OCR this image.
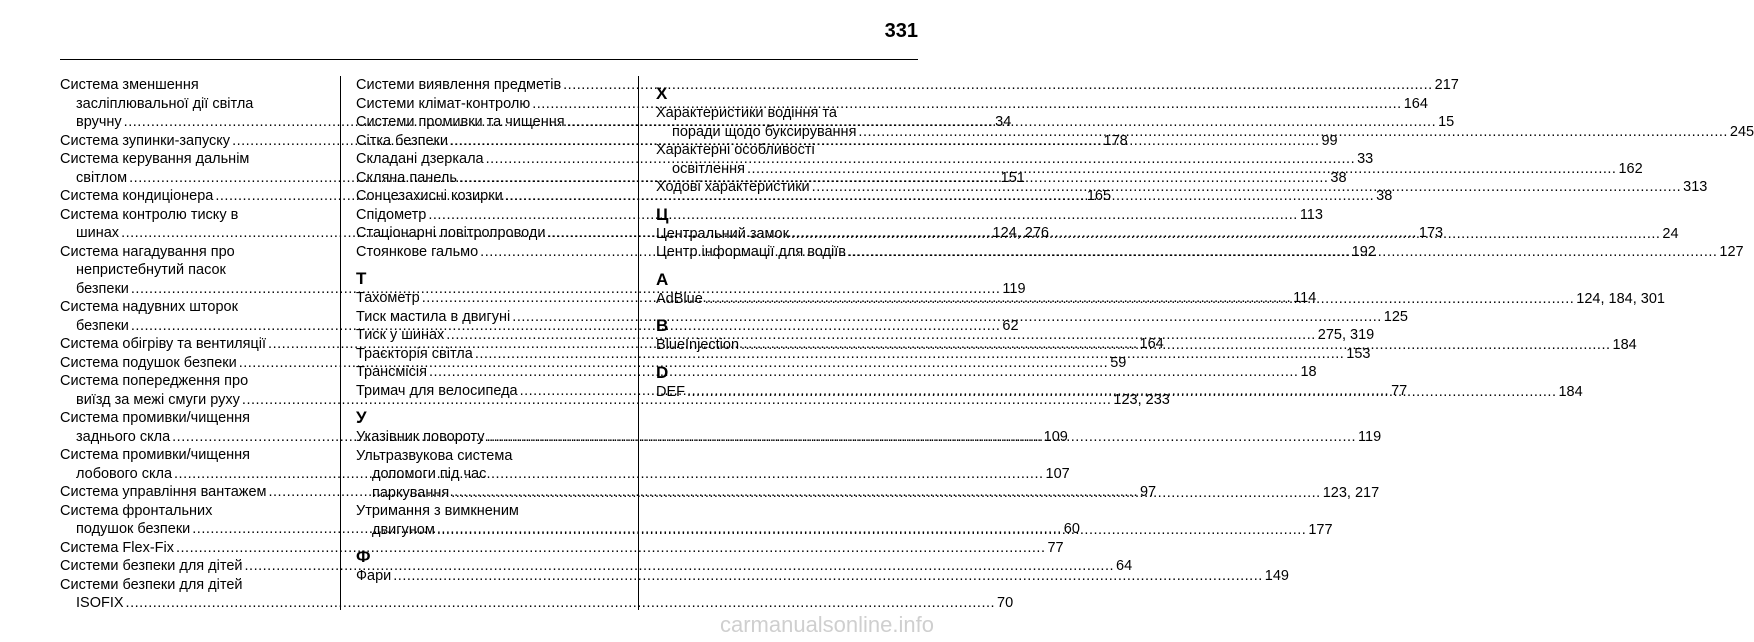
331
Система зменшення
засліплювальної дії світла
вручну .....	34
Система зупинки-запуску .....	178
Система керування дальнім
світлом .....	151
Система кондиціонера .....	165
Система контролю тиску в
шинах .....	124, 276
Система нагадування про
непристебнутий пасок
безпеки .....	119
Система надувних шторок
безпеки .....	62
Система обігріву та вентиляції .....	164
Система подушок безпеки .....	59
Система попередження про
виїзд за межі смуги руху .....	123, 233
Система промивки/чищення
заднього скла .....	109
Система промивки/чищення
лобового скла .....	107
Система управління вантажем .....	97
Система фронтальних
подушок безпеки .....	60
Система Flex-Fix .....	77
Системи безпеки для дітей .....	64
Системи безпеки для дітей
ISOFIX .....	70
Системи виявлення предметів .....	217
Системи клімат-контролю .....	164
Системи промивки та чищення .....	15
Сітка безпеки .....	99
Складані дзеркала .....	33
Скляна панель .....	38
Сонцезахисні козирки .....	38
Спідометр .....	113
Стаціонарні повітропроводи .....	173
Стоянкове гальмо .....	192
Т
Тахометр .....	114
Тиск мастила в двигуні .....	125
Тиск у шинах .....	275, 319
Траєкторія світла .....	153
Трансмісія .....	18
Тримач для велосипеда .....	77
У
Указівник повороту .....	119
Ультразвукова система
допомоги під час
паркування .....	123, 217
Утримання з вимкненим
двигуном .....	177
Ф
Фари .....	149
Х
Характеристики водіння та
поради щодо буксирування .....	245
Характерні особливості
освітлення .....	162
Ходові характеристики .....	313
Ц
Центральний замок .....	24
Центр інформації для водіїв .....	127
A
AdBlue .....	124, 184, 301
B
BlueInjection .....	184
D
DEF .....	184
carmanualsonline.info
